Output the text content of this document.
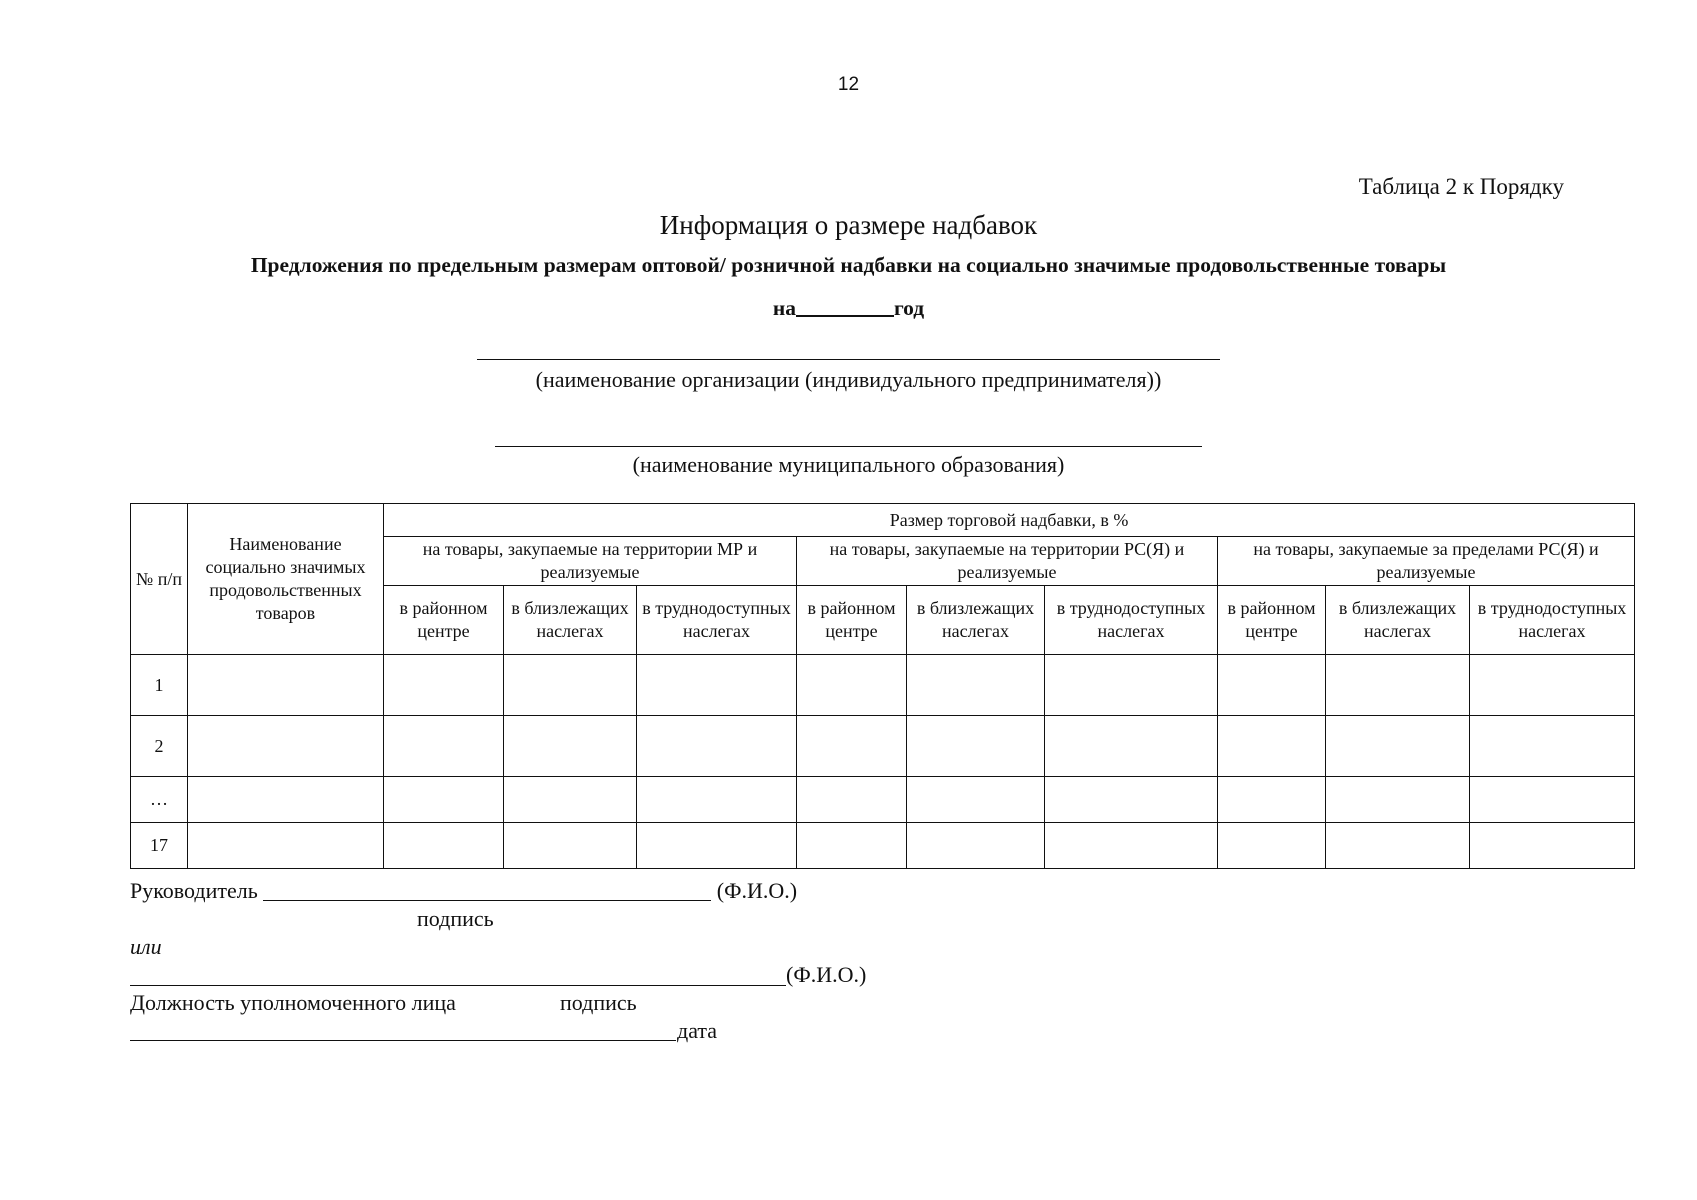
12
Таблица 2 к Порядку
Информация о размере надбавок
Предложения по предельным размерам оптовой/ розничной надбавки на социально значимые продовольственные товары
на	год
(наименование организации (индивидуального предпринимателя))
(наименование муниципального образования)
№ п/п	Наименование социально значимых продовольственных товаров	Размер торговой надбавки, в %								
		на товары, закупаемые на территории МР и реализуемые			на товары, закупаемые на территории РС(Я) и реализуемые			на товары, закупаемые за пределами РС(Я) и реализуемые		
		в районном центре	в близлежащих наслегах	в труднодоступных наслегах	в районном центре	в близлежащих наслегах	в труднодоступных наслегах	в районном центре	в близлежащих наслегах	в труднодоступных наслегах
1										
2										
…										
17										
Руководитель	(Ф.И.О.)
подпись
или
(Ф.И.О.)
Должность уполномоченного лица	подпись
дата
